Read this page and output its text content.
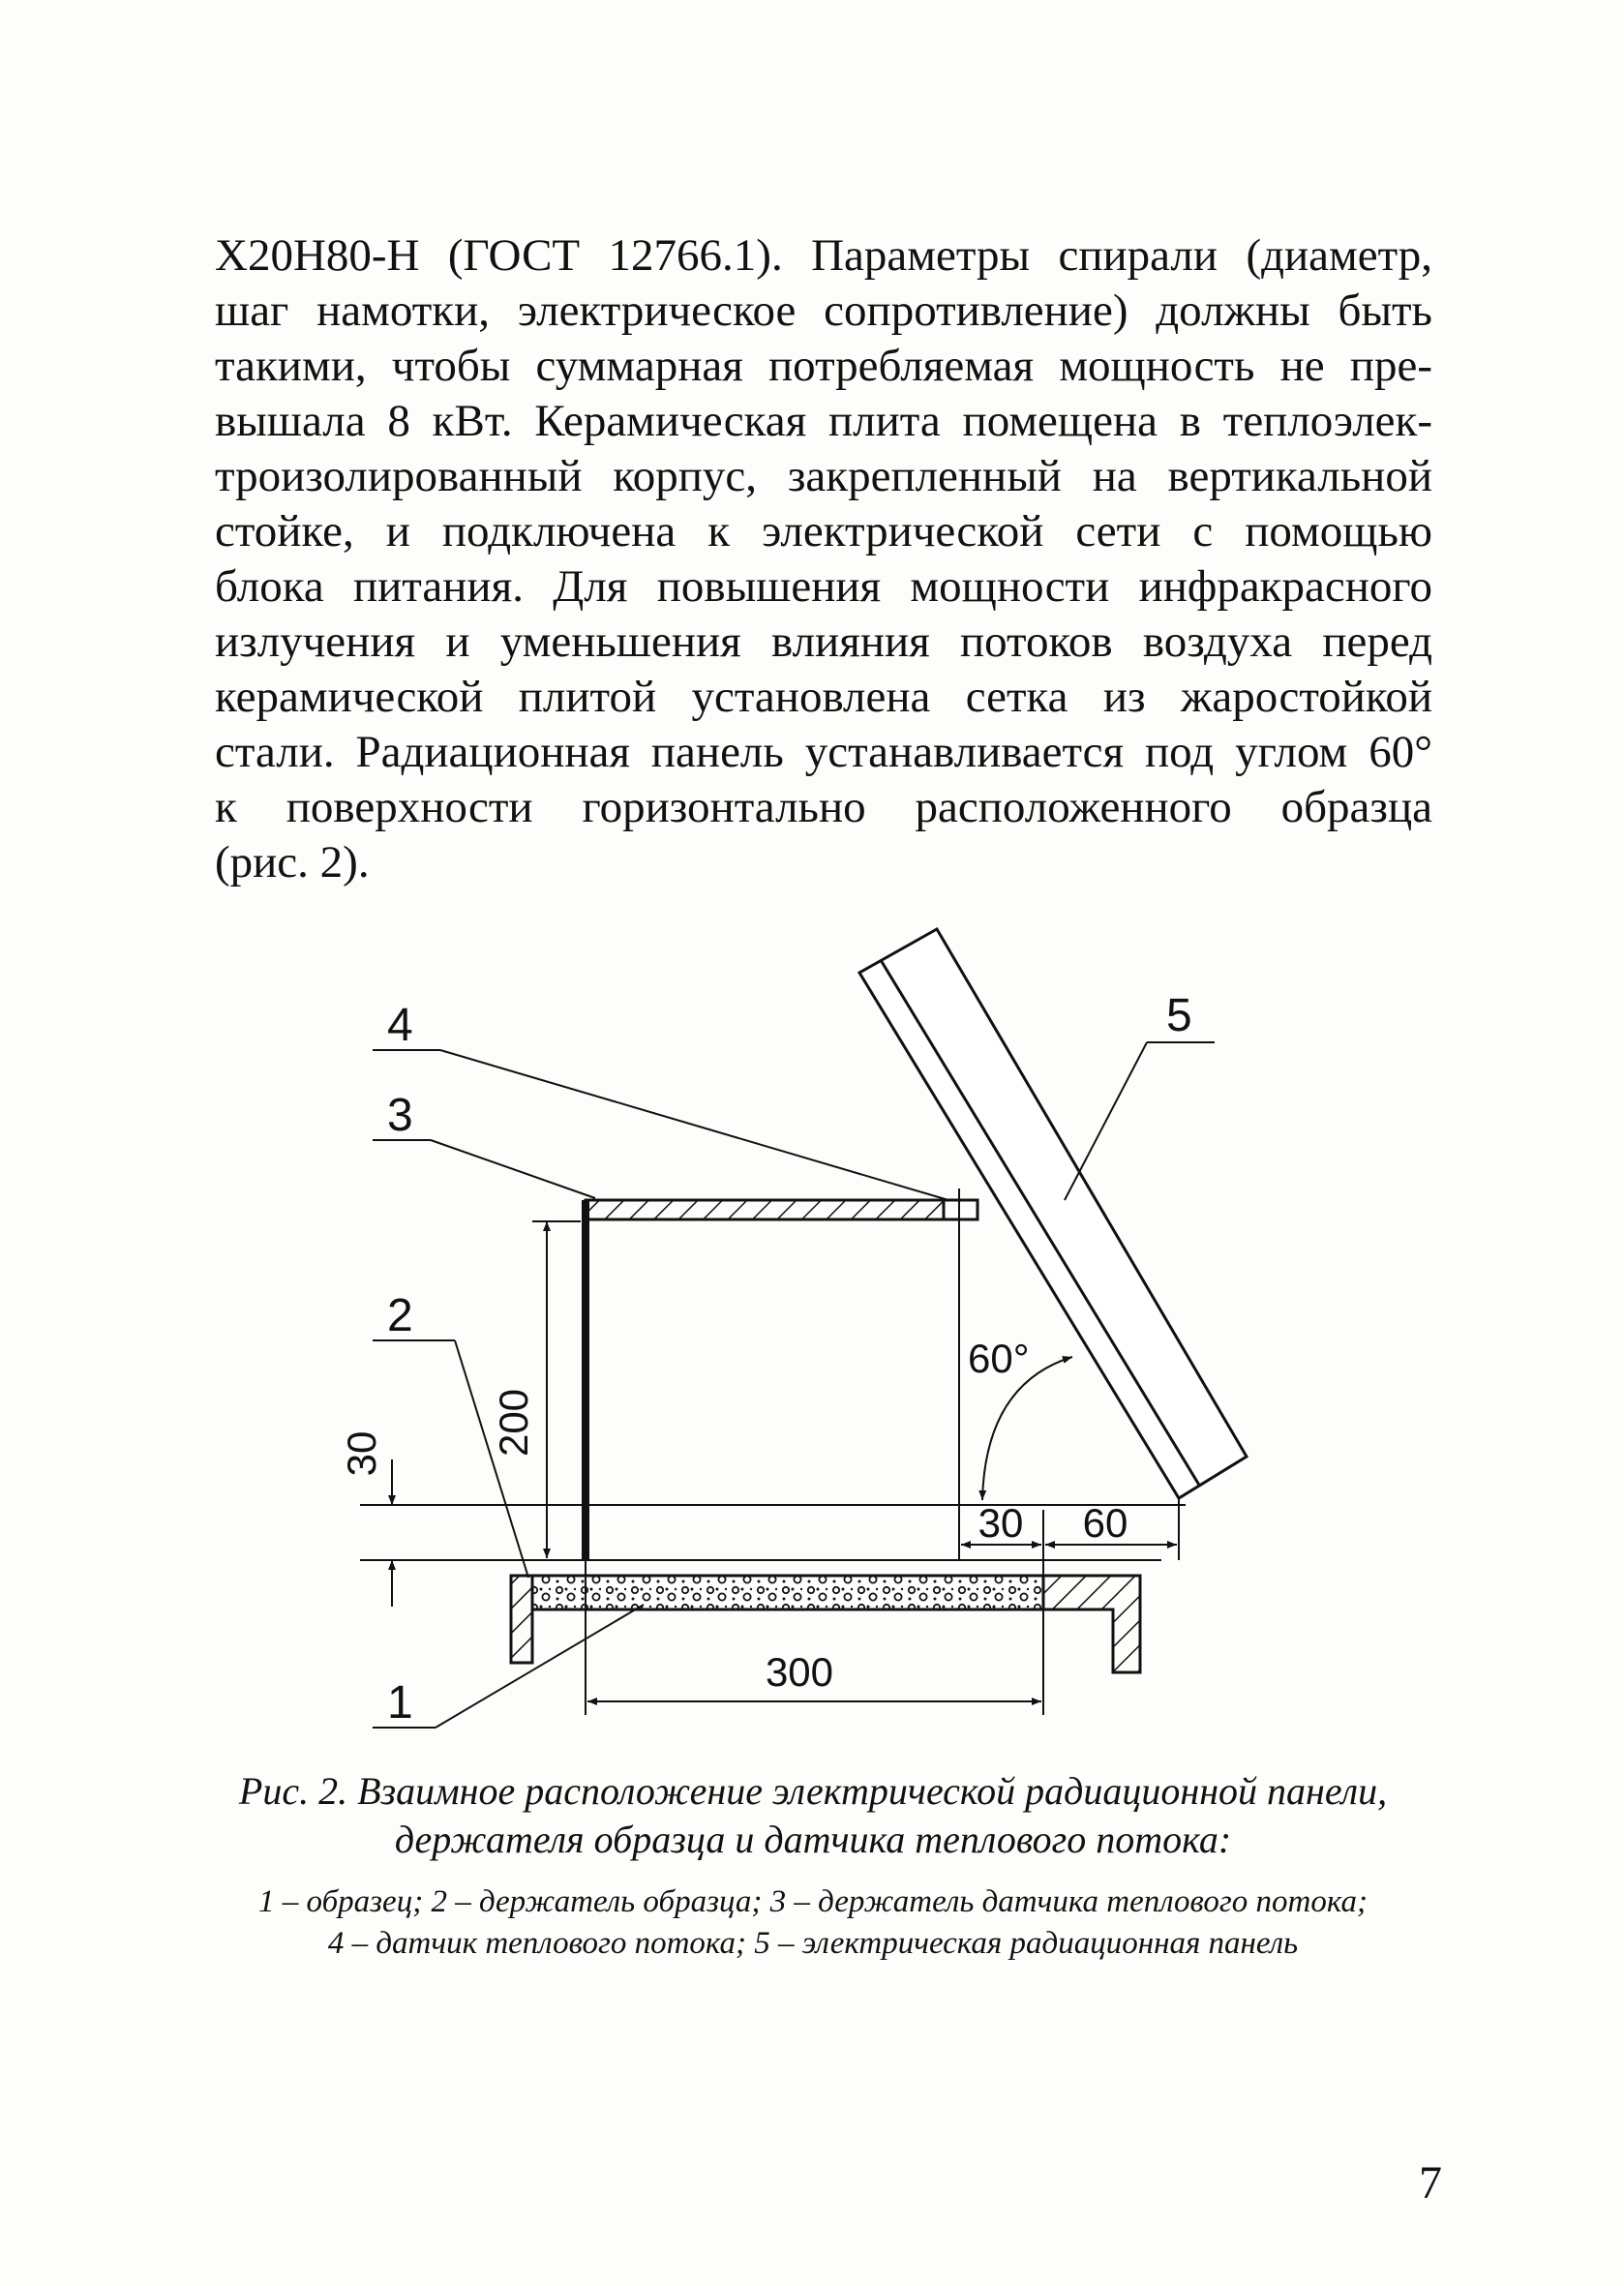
Х20Н80-Н (ГОСТ 12766.1). Параметры спирали (диаметр,
шаг намотки, электрическое сопротивление) должны быть
такими, чтобы суммарная потребляемая мощность не пре-
вышала 8 кВт. Керамическая плита помещена в теплоэлек-
троизолированный корпус, закрепленный на вертикальной
стойке, и подключена к электрической сети с помощью
блока питания. Для повышения мощности инфракрасного
излучения и уменьшения влияния потоков воздуха перед
керамической плитой установлена сетка из жаростойкой
стали. Радиационная панель устанавливается под углом 60°
к поверхности горизонтально расположенного образца
(рис. 2).
200
30
300
30 60
60°
4
3
2
1
5
Рис. 2. Взаимное расположение электрической радиационной панели,
держателя образца и датчика теплового потока:
1 – образец; 2 – держатель образца; 3 – держатель датчика теплового потока;
4 – датчик теплового потока; 5 – электрическая радиационная панель
7
